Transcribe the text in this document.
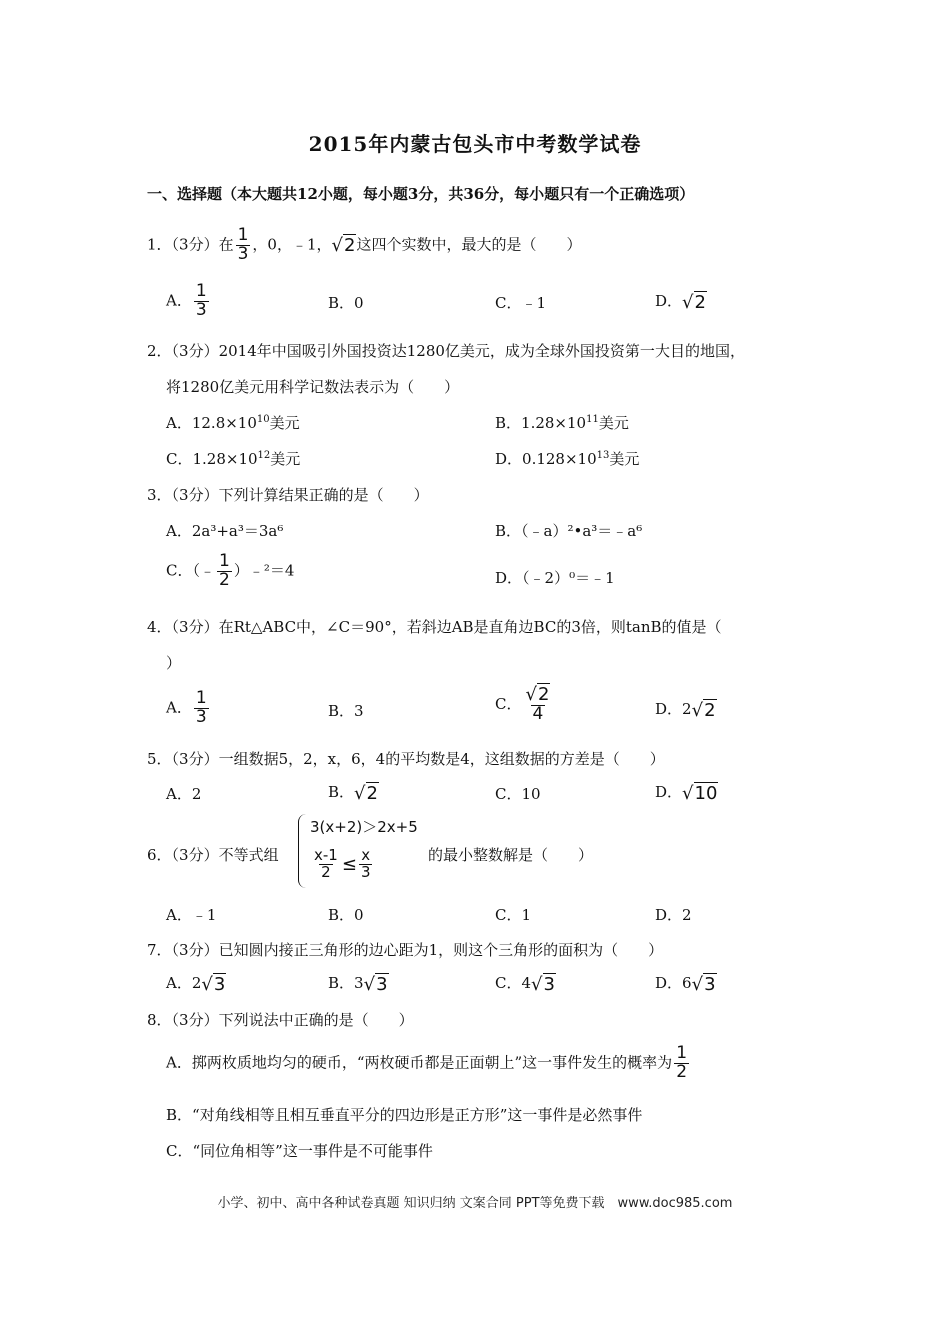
2015年内蒙古包头市中考数学试卷
一、选择题（本大题共12小题，每小题3分，共36分，每小题只有一个正确选项）
1．（3分）在 $\frac{1}{3}$ ，0，﹣1，√2这四个实数中，最大的是（　　）
A． $\frac{1}{3}$	B．0	C．﹣1	D．√2
2．（3分）2014年中国吸引外国投资达1280亿美元，成为全球外国投资第一大目的地国，
将1280亿美元用科学记数法表示为（　　）
A．$12.8\times 10^{10}$美元	B．$1.28\times 10^{11}$美元
C．$1.28\times 10^{12}$美元	D．$0.128\times 10^{13}$美元
3．（3分）下列计算结果正确的是（　　）
A．2a³+a³＝3a⁶	B．（﹣a）²•a³＝﹣a⁶
C．（﹣ $\frac{1}{2}$ ）﹣²＝4	D．（﹣2）⁰＝﹣1
4．（3分）在Rt△ABC中，∠C＝90°，若斜边AB是直角边BC的3倍，则tanB的值是（
）
A． $\frac{1}{3}$	B．3	C． $\frac{√2}{4}$	D．2√2
5．（3分）一组数据5，2，x，6，4的平均数是4，这组数据的方差是（　　）
A．2	B．√2	C．10	D．√10
6．（3分）不等式组
3(x+2)＞2x+5
$\frac{x-1}{2} \le \frac{x}{3}$	的最小整数解是（　　）
A．﹣1	B．0	C．1	D．2
7．（3分）已知圆内接正三角形的边心距为1，则这个三角形的面积为（　　）
A．2√3	B．3√3	C．4√3	D．6√3
8．（3分）下列说法中正确的是（　　）
A．掷两枚质地均匀的硬币，“两枚硬币都是正面朝上”这一事件发生的概率为 $\frac{1}{2}$
B．“对角线相等且相互垂直平分的四边形是正方形”这一事件是必然事件
C．“同位角相等”这一事件是不可能事件
小学、初中、高中各种试卷真题 知识归纳 文案合同 PPT等免费下载　www.doc985.com
